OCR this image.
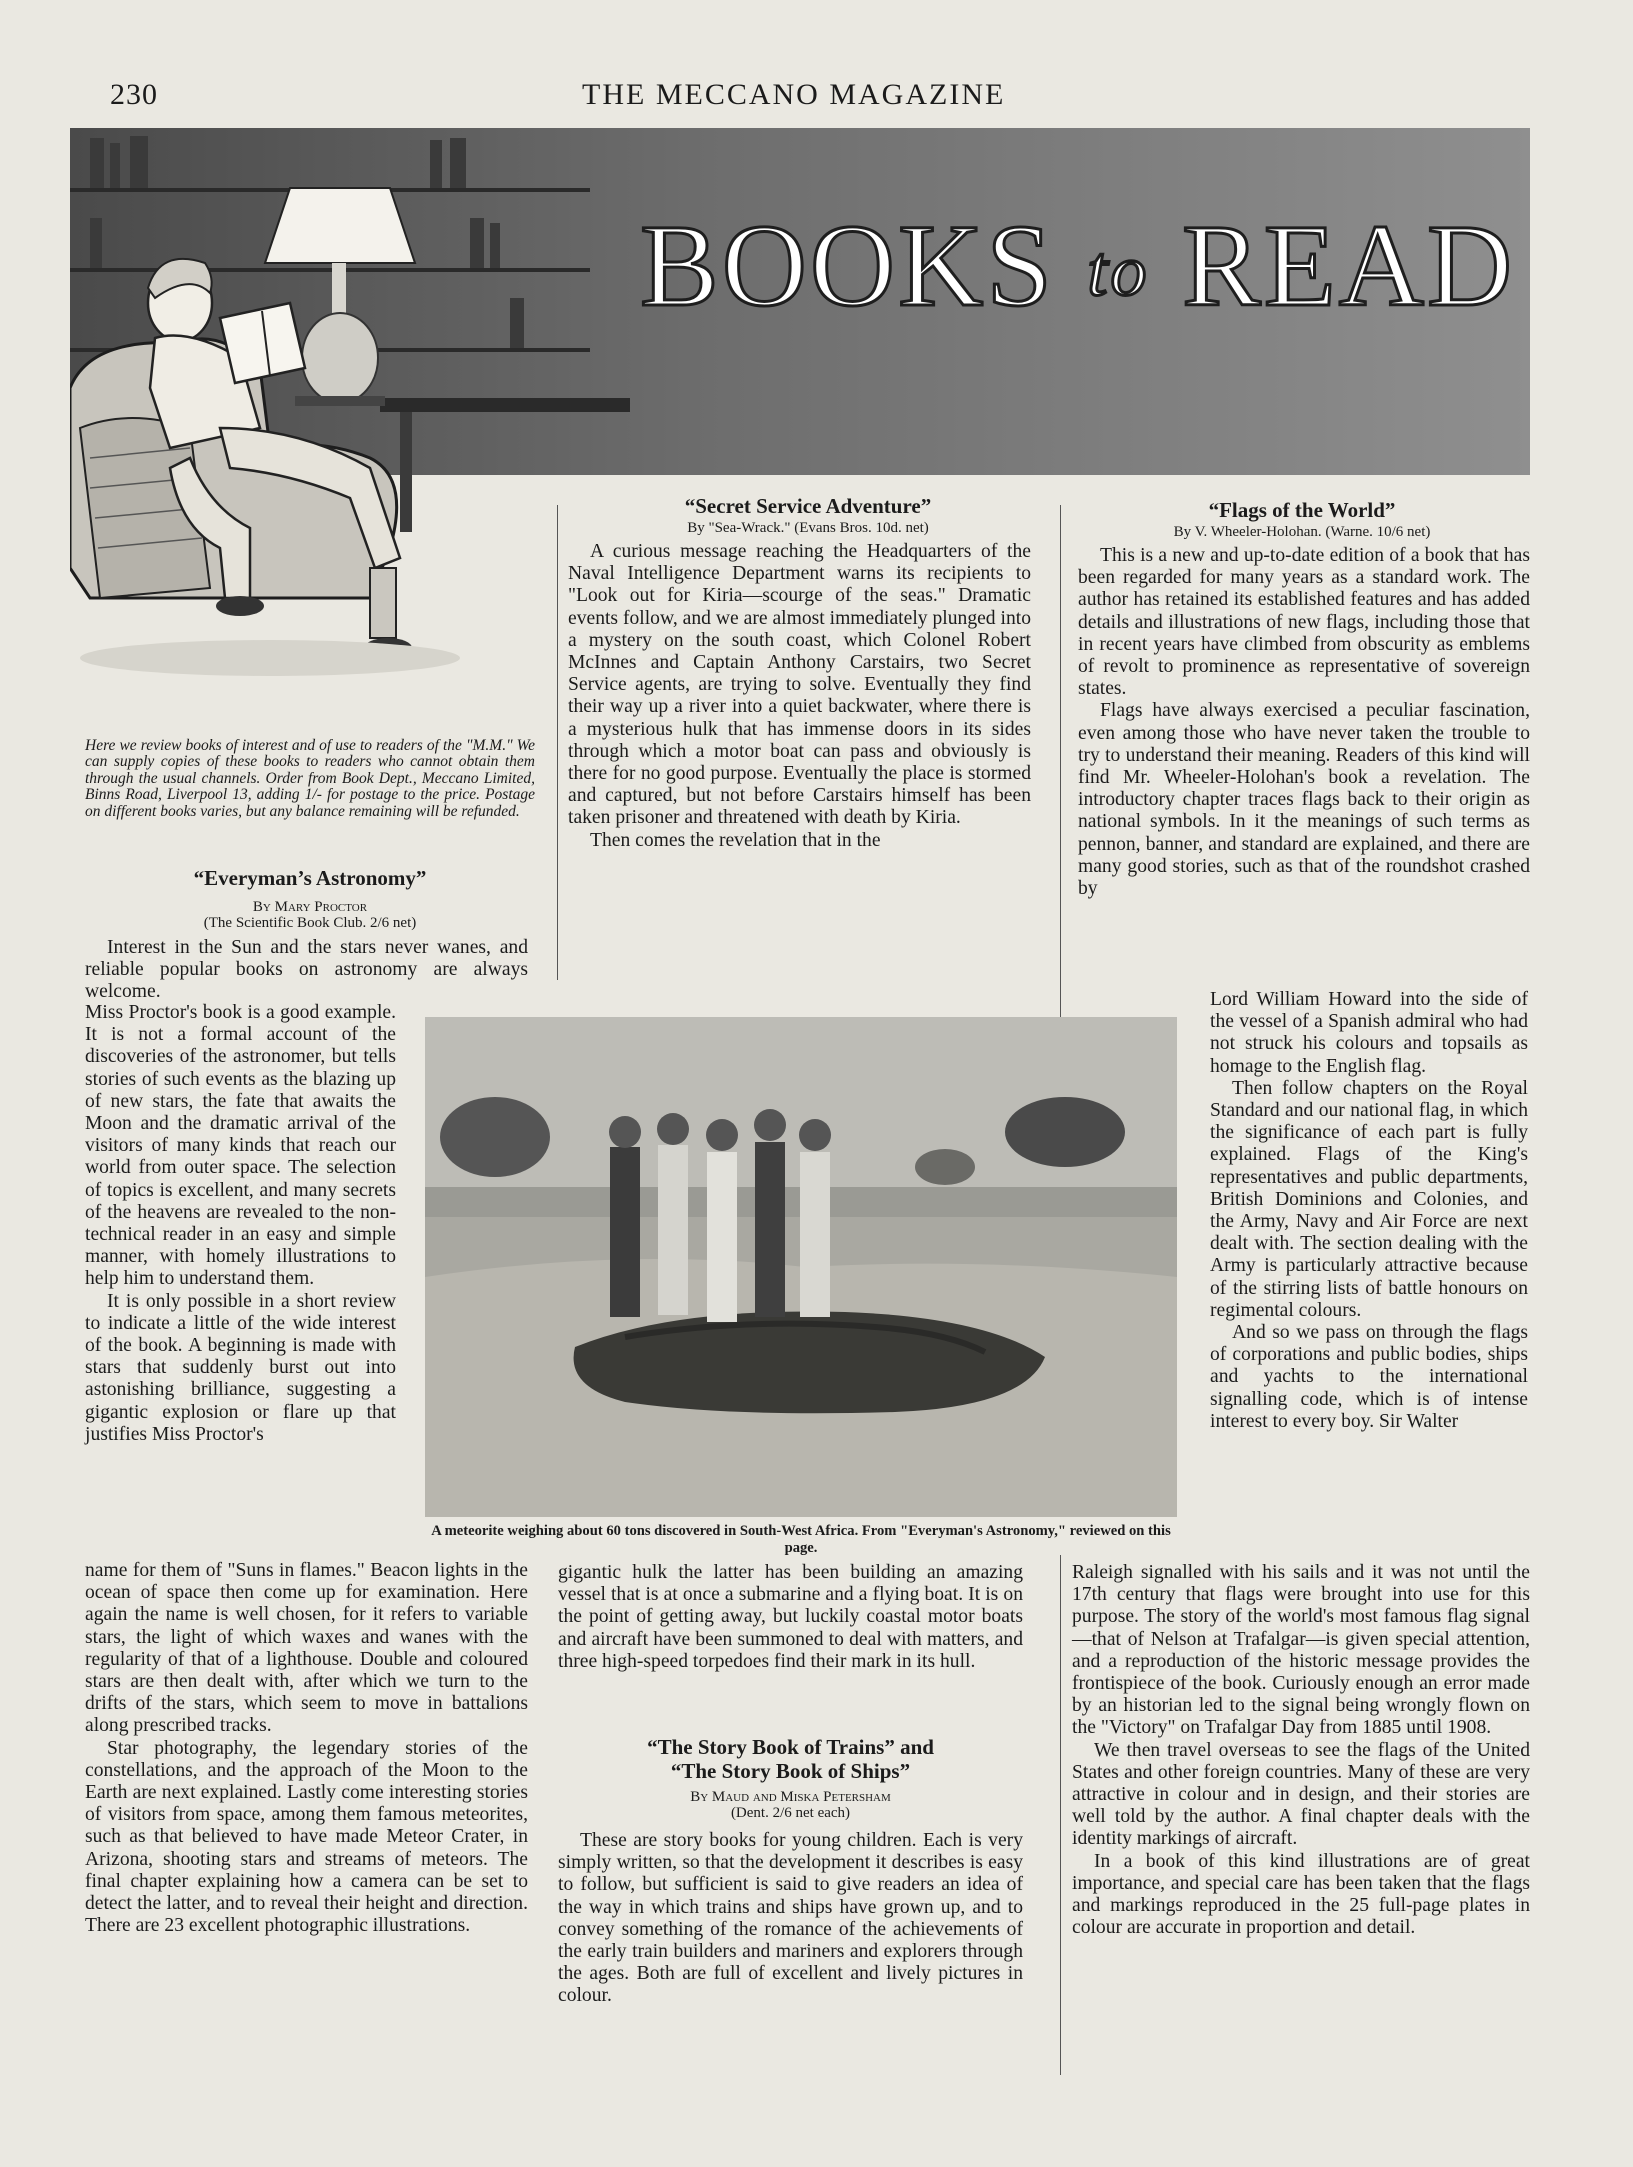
230	THE MECCANO MAGAZINE
BOOKS to READ
Here we review books of interest and of use to readers of the "M.M." We can supply copies of these books to readers who cannot obtain them through the usual channels. Order from Book Dept., Meccano Limited, Binns Road, Liverpool 13, adding 1/- for postage to the price. Postage on different books varies, but any balance remaining will be refunded.
“Everyman’s Astronomy”
By Mary Proctor
(The Scientific Book Club. 2/6 net)

Interest in the Sun and the stars never wanes, and reliable popular books on astronomy are always welcome.

Miss Proctor's book is a good example. It is not a formal account of the discoveries of the astronomer, but tells stories of such events as the blazing up of new stars, the fate that awaits the Moon and the dramatic arrival of the visitors of many kinds that reach our world from outer space. The selection of topics is excellent, and many secrets of the heavens are revealed to the non-technical reader in an easy and simple manner, with homely illustrations to help him to understand them.

It is only possible in a short review to indicate a little of the wide interest of the book. A beginning is made with stars that suddenly burst out into astonishing brilliance, suggesting a gigantic explosion or flare up that justifies Miss Proctor's

name for them of "Suns in flames." Beacon lights in the ocean of space then come up for examination. Here again the name is well chosen, for it refers to variable stars, the light of which waxes and wanes with the regularity of that of a lighthouse. Double and coloured stars are then dealt with, after which we turn to the drifts of the stars, which seem to move in battalions along prescribed tracks.

Star photography, the legendary stories of the constellations, and the approach of the Moon to the Earth are next explained. Lastly come interesting stories of visitors from space, among them famous meteorites, such as that believed to have made Meteor Crater, in Arizona, shooting stars and streams of meteors. The final chapter explaining how a camera can be set to detect the latter, and to reveal their height and direction. There are 23 excellent photographic illustrations.

“Secret Service Adventure”
By "Sea-Wrack." (Evans Bros. 10d. net)

A curious message reaching the Headquarters of the Naval Intelligence Department warns its recipients to "Look out for Kiria—scourge of the seas." Dramatic events follow, and we are almost immediately plunged into a mystery on the south coast, which Colonel Robert McInnes and Captain Anthony Carstairs, two Secret Service agents, are trying to solve. Eventually they find their way up a river into a quiet backwater, where there is a mysterious hulk that has immense doors in its sides through which a motor boat can pass and obviously is there for no good purpose. Eventually the place is stormed and captured, but not before Carstairs himself has been taken prisoner and threatened with death by Kiria.

Then comes the revelation that in the

gigantic hulk the latter has been building an amazing vessel that is at once a submarine and a flying boat. It is on the point of getting away, but luckily coastal motor boats and aircraft have been summoned to deal with matters, and three high-speed torpedoes find their mark in its hull.

“The Story Book of Trains” and
“The Story Book of Ships”
By Maud and Miska Petersham
(Dent. 2/6 net each)

These are story books for young children. Each is very simply written, so that the development it describes is easy to follow, but sufficient is said to give readers an idea of the way in which trains and ships have grown up, and to convey something of the romance of the achievements of the early train builders and mariners and explorers through the ages. Both are full of excellent and lively pictures in colour.

“Flags of the World”
By V. Wheeler-Holohan. (Warne. 10/6 net)

This is a new and up-to-date edition of a book that has been regarded for many years as a standard work. The author has retained its established features and has added details and illustrations of new flags, including those that in recent years have climbed from obscurity as emblems of revolt to prominence as representative of sovereign states.

Flags have always exercised a peculiar fascination, even among those who have never taken the trouble to try to understand their meaning. Readers of this kind will find Mr. Wheeler-Holohan's book a revelation. The introductory chapter traces flags back to their origin as national symbols. In it the meanings of such terms as pennon, banner, and standard are explained, and there are many good stories, such as that of the roundshot crashed by

Lord William Howard into the side of the vessel of a Spanish admiral who had not struck his colours and topsails as homage to the English flag.

Then follow chapters on the Royal Standard and our national flag, in which the significance of each part is fully explained. Flags of the King's representatives and public departments, British Dominions and Colonies, and the Army, Navy and Air Force are next dealt with. The section dealing with the Army is particularly attractive because of the stirring lists of battle honours on regimental colours.

And so we pass on through the flags of corporations and public bodies, ships and yachts to the international signalling code, which is of intense interest to every boy. Sir Walter

Raleigh signalled with his sails and it was not until the 17th century that flags were brought into use for this purpose. The story of the world's most famous flag signal—that of Nelson at Trafalgar—is given special attention, and a reproduction of the historic message provides the frontispiece of the book. Curiously enough an error made by an historian led to the signal being wrongly flown on the "Victory" on Trafalgar Day from 1885 until 1908.

We then travel overseas to see the flags of the United States and other foreign countries. Many of these are very attractive in colour and in design, and their stories are well told by the author. A final chapter deals with the identity markings of aircraft.

In a book of this kind illustrations are of great importance, and special care has been taken that the flags and markings reproduced in the 25 full-page plates in colour are accurate in proportion and detail.

A meteorite weighing about 60 tons discovered in South-West Africa. From "Everyman's Astronomy," reviewed on this page.
